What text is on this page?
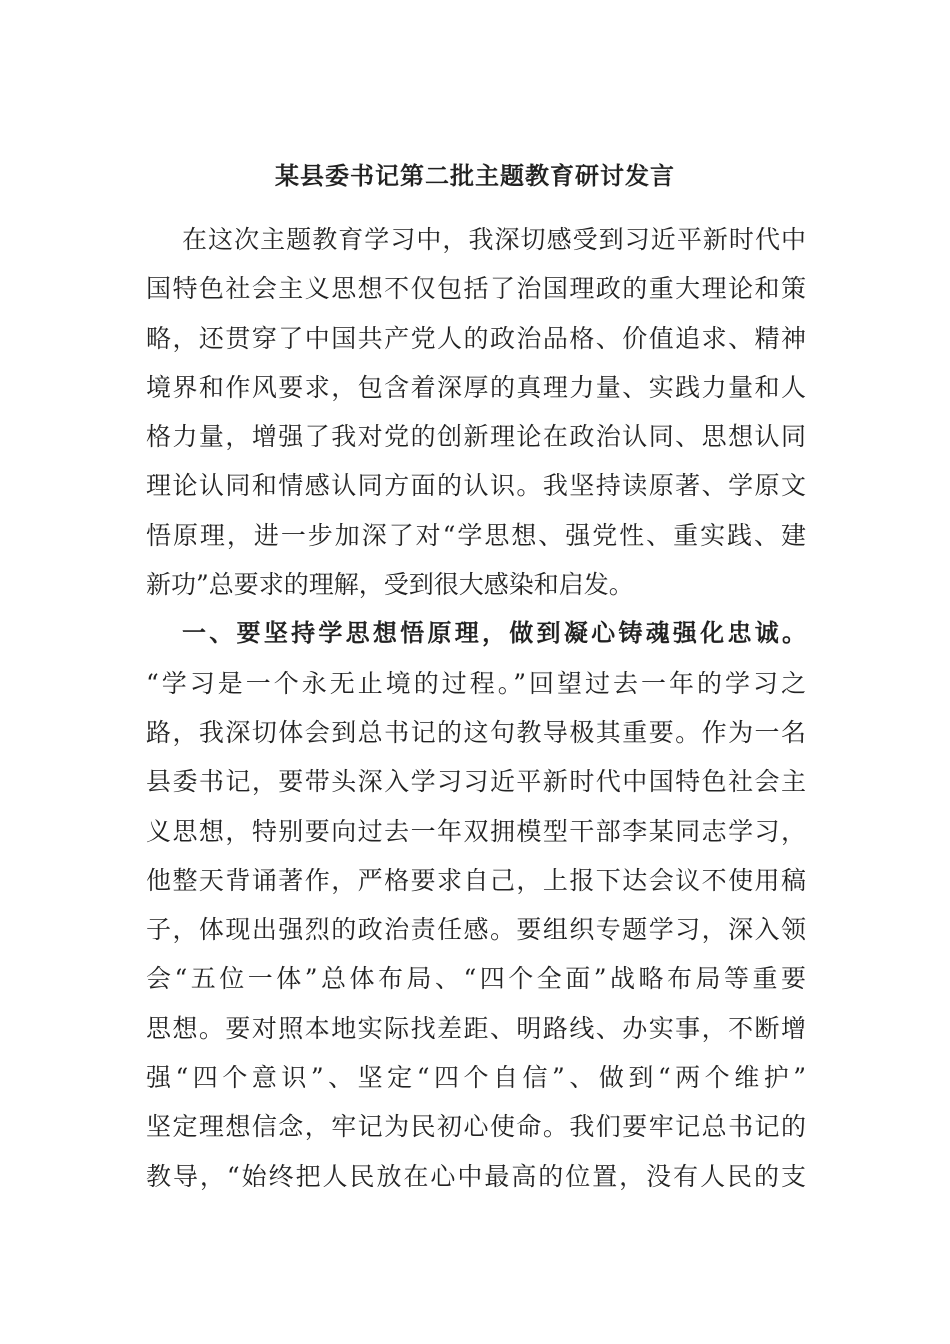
某县委书记第二批主题教育研讨发言
在这次主题教育学习中，我深切感受到习近平新时代中
国特色社会主义思想不仅包括了治国理政的重大理论和策
略，还贯穿了中国共产党人的政治品格、价值追求、精神
境界和作风要求，包含着深厚的真理力量、实践力量和人
格力量，增强了我对党的创新理论在政治认同、思想认同
理论认同和情感认同方面的认识。我坚持读原著、学原文
悟原理，进一步加深了对“学思想、强党性、重实践、建
新功”总要求的理解，受到很大感染和启发。
一、要坚持学思想悟原理，做到凝心铸魂强化忠诚。
“学习是一个永无止境的过程。”回望过去一年的学习之
路，我深切体会到总书记的这句教导极其重要。作为一名
县委书记，要带头深入学习习近平新时代中国特色社会主
义思想，特别要向过去一年双拥模型干部李某同志学习，
他整天背诵著作，严格要求自己，上报下达会议不使用稿
子，体现出强烈的政治责任感。要组织专题学习，深入领
会“五位一体”总体布局、“四个全面”战略布局等重要
思想。要对照本地实际找差距、明路线、办实事，不断增
强“四个意识”、坚定“四个自信”、做到“两个维护”
坚定理想信念，牢记为民初心使命。我们要牢记总书记的
教导，“始终把人民放在心中最高的位置，没有人民的支
